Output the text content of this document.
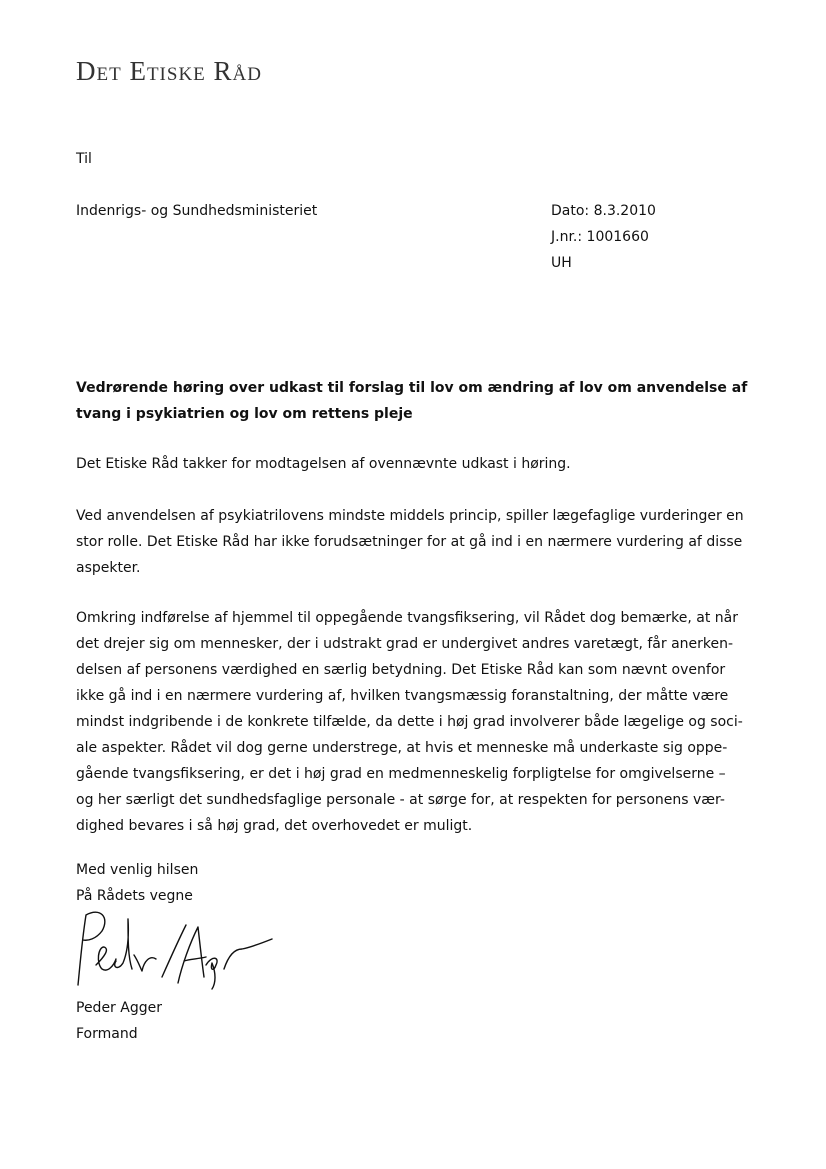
Det Etiske Råd
Til
Indenrigs- og Sundhedsministeriet	Dato: 8.3.2010
J.nr.: 1001660
UH
Vedrørende høring over udkast til forslag til lov om ændring af lov om anvendelse af
tvang i psykiatrien og lov om rettens pleje
Det Etiske Råd takker for modtagelsen af ovennævnte udkast i høring.
Ved anvendelsen af psykiatrilovens mindste middels princip, spiller lægefaglige vurderinger en
stor rolle. Det Etiske Råd har ikke forudsætninger for at gå ind i en nærmere vurdering af disse
aspekter.
Omkring indførelse af hjemmel til oppegående tvangsfiksering, vil Rådet dog bemærke, at når
det drejer sig om mennesker, der i udstrakt grad er undergivet andres varetægt, får anerken-
delsen af personens værdighed en særlig betydning. Det Etiske Råd kan som nævnt ovenfor
ikke gå ind i en nærmere vurdering af, hvilken tvangsmæssig foranstaltning, der måtte være
mindst indgribende i de konkrete tilfælde, da dette i høj grad involverer både lægelige og soci-
ale aspekter. Rådet vil dog gerne understrege, at hvis et menneske må underkaste sig oppe-
gående tvangsfiksering, er det i høj grad en medmenneskelig forpligtelse for omgivelserne –
og her særligt det sundhedsfaglige personale - at sørge for, at respekten for personens vær-
dighed bevares i så høj grad, det overhovedet er muligt.
Med venlig hilsen
På Rådets vegne
Peder Agger
Formand
